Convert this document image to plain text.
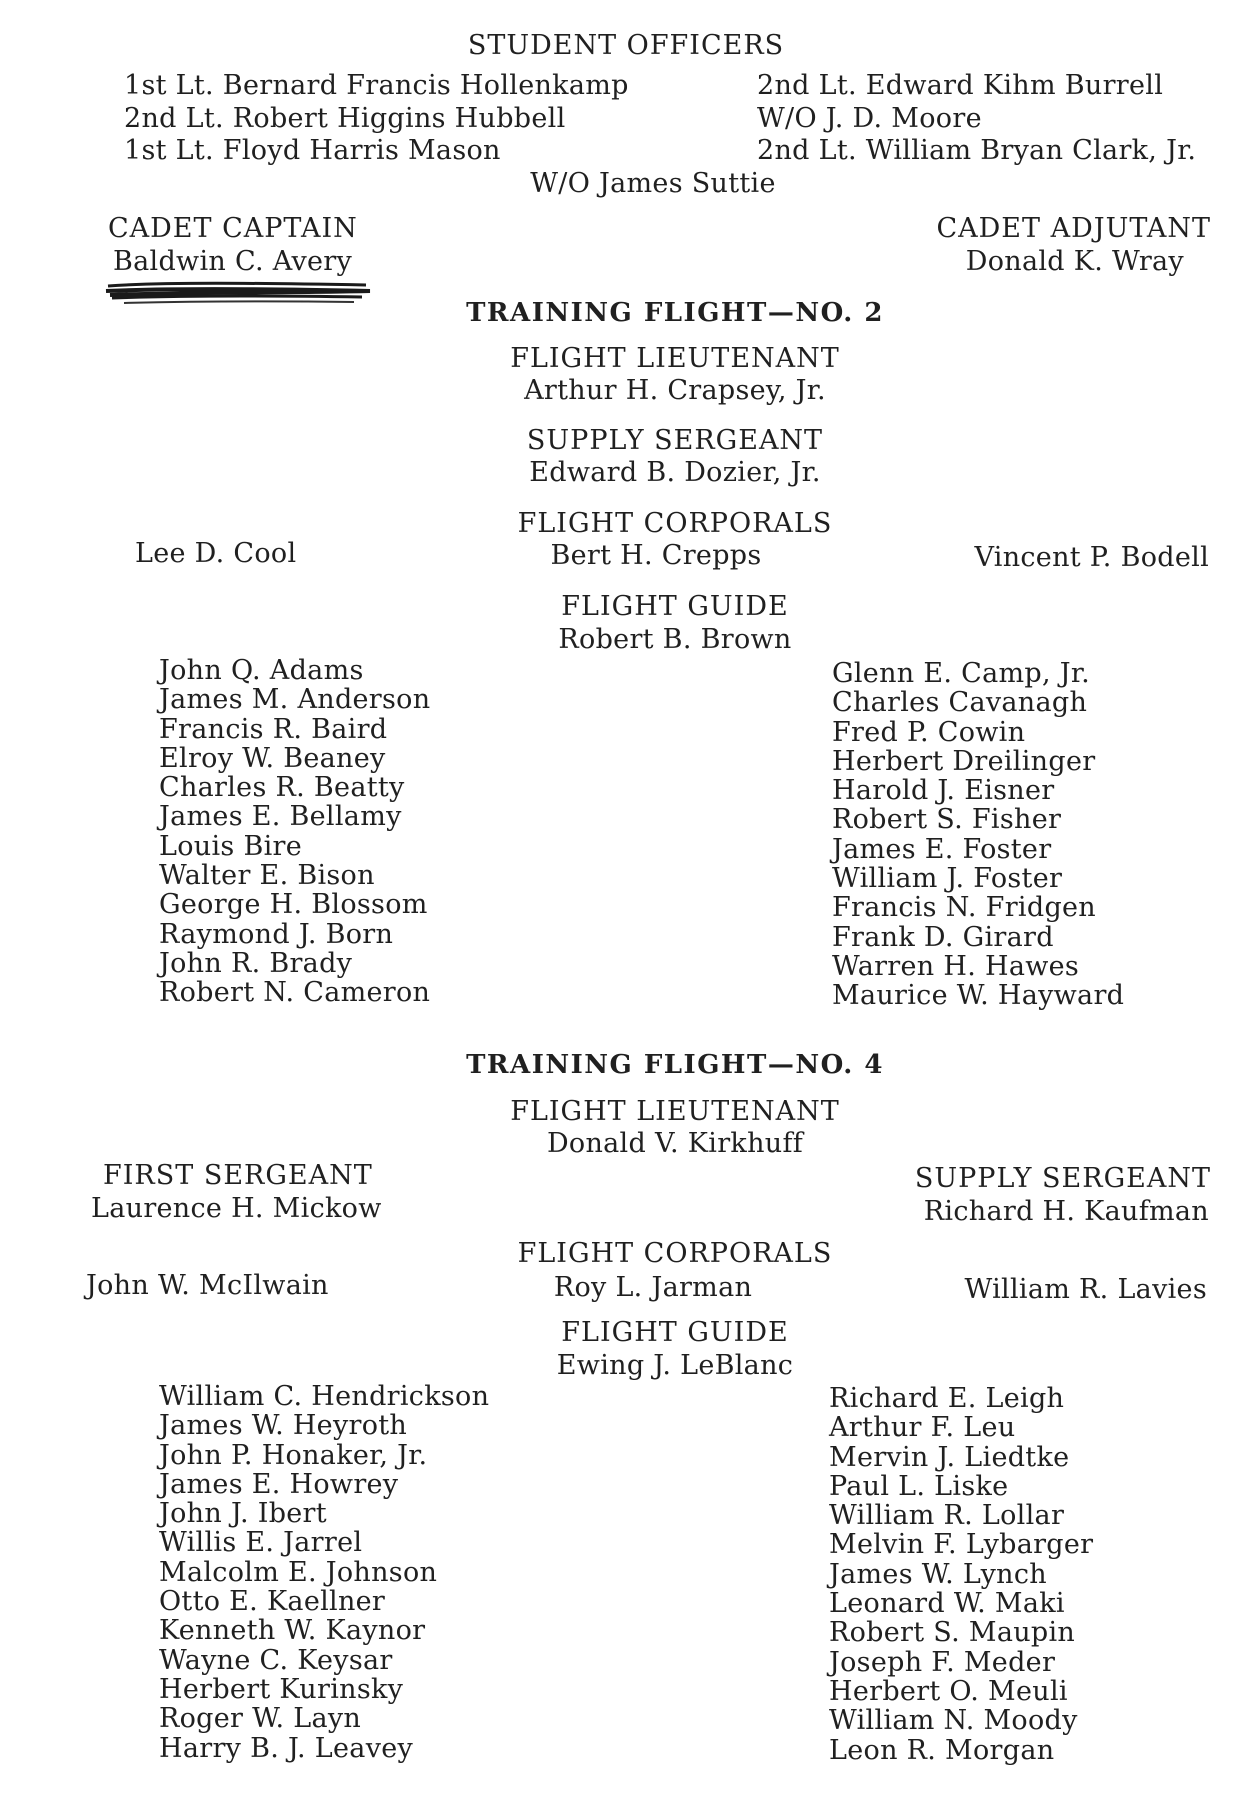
STUDENT OFFICERS
1st Lt. Bernard Francis Hollenkamp
2nd Lt. Robert Higgins Hubbell
1st Lt. Floyd Harris Mason
2nd Lt. Edward Kihm Burrell
W/O J. D. Moore
2nd Lt. William Bryan Clark, Jr.
W/O James Suttie
CADET CAPTAIN
Baldwin C. Avery
CADET ADJUTANT
Donald K. Wray
TRAINING FLIGHT—NO. 2
FLIGHT LIEUTENANT
Arthur H. Crapsey, Jr.
SUPPLY SERGEANT
Edward B. Dozier, Jr.
FLIGHT CORPORALS
Lee D. Cool	Bert H. Crepps	Vincent P. Bodell
FLIGHT GUIDE
Robert B. Brown
John Q. Adams
James M. Anderson
Francis R. Baird
Elroy W. Beaney
Charles R. Beatty
James E. Bellamy
Louis Bire
Walter E. Bison
George H. Blossom
Raymond J. Born
John R. Brady
Robert N. Cameron
Glenn E. Camp, Jr.
Charles Cavanagh
Fred P. Cowin
Herbert Dreilinger
Harold J. Eisner
Robert S. Fisher
James E. Foster
William J. Foster
Francis N. Fridgen
Frank D. Girard
Warren H. Hawes
Maurice W. Hayward
TRAINING FLIGHT—NO. 4
FLIGHT LIEUTENANT
Donald V. Kirkhuff
FIRST SERGEANT
Laurence H. Mickow
SUPPLY SERGEANT
Richard H. Kaufman
FLIGHT CORPORALS
John W. McIlwain	Roy L. Jarman	William R. Lavies
FLIGHT GUIDE
Ewing J. LeBlanc
William C. Hendrickson
James W. Heyroth
John P. Honaker, Jr.
James E. Howrey
John J. Ibert
Willis E. Jarrel
Malcolm E. Johnson
Otto E. Kaellner
Kenneth W. Kaynor
Wayne C. Keysar
Herbert Kurinsky
Roger W. Layn
Harry B. J. Leavey
Richard E. Leigh
Arthur F. Leu
Mervin J. Liedtke
Paul L. Liske
William R. Lollar
Melvin F. Lybarger
James W. Lynch
Leonard W. Maki
Robert S. Maupin
Joseph F. Meder
Herbert O. Meuli
William N. Moody
Leon R. Morgan
